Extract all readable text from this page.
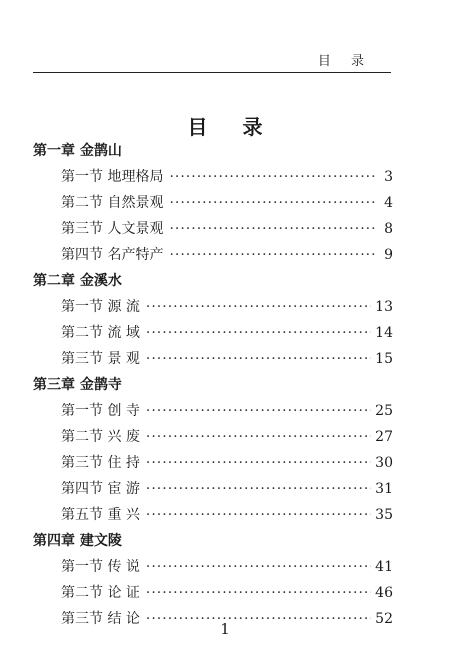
目 录
目 录
第一章 金鹊山
第一节 地理格局 ·····	3
第二节 自然景观 ·····	4
第三节 人文景观 ·····	8
第四节 名产特产 ·····	9
第二章 金溪水
第一节 源 流 ·····	13
第二节 流 域 ·····	14
第三节 景 观 ·····	15
第三章 金鹊寺
第一节 创 寺 ·····	25
第二节 兴 废 ·····	27
第三节 住 持 ·····	30
第四节 宦 游 ·····	31
第五节 重 兴 ·····	35
第四章 建文陵
第一节 传 说 ·····	41
第二节 论 证 ·····	46
第三节 结 论 ·····	52
1
